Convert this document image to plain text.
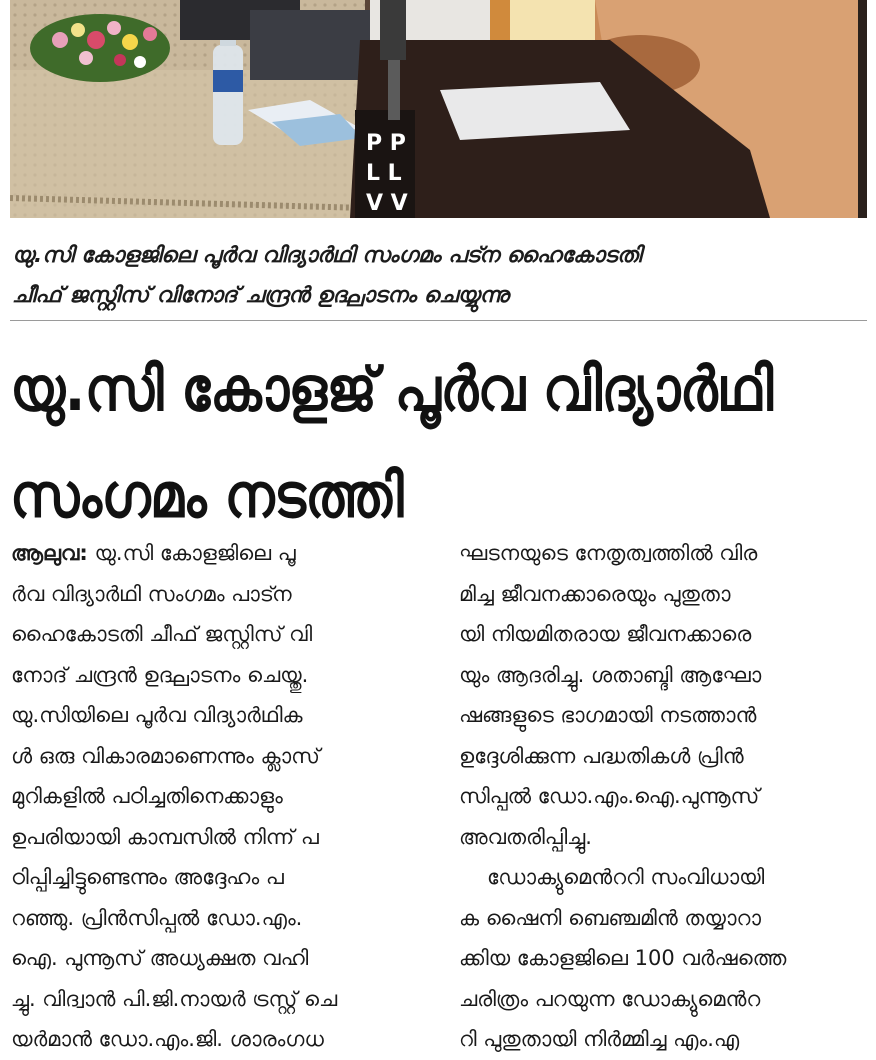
P P
L L
V V
യു.സി കോളജിലെ പൂർവ വിദ്യാർഥി സംഗമം പട്ന ഹൈകോടതി
ചീഫ് ജസ്റ്റിസ് വിനോദ് ചന്ദ്രൻ ഉദ്ഘാടനം ചെയ്യുന്നു
യു.സി കോളജ് പൂർവ വിദ്യാർഥി
സംഗമം നടത്തി
ആലുവ: യു.സി കോളജിലെ പൂ
ർവ വിദ്യാർഥി സംഗമം പാട്ന
ഹൈകോടതി ചീഫ് ജസ്റ്റിസ് വി
നോദ് ചന്ദ്രൻ ഉദ്ഘാടനം ചെയ്തു.
യു.സിയിലെ പൂർവ വിദ്യാർഥിക
ൾ ഒരു വികാരമാണെന്നും ക്ലാസ്
മുറികളിൽ പഠിച്ചതിനെക്കാളും
ഉപരിയായി കാമ്പസിൽ നിന്ന് പ
ഠിപ്പിച്ചിട്ടുണ്ടെന്നും അദ്ദേഹം പ
റഞ്ഞു. പ്രിൻസിപ്പൽ ഡോ.എം.
ഐ. പുന്നൂസ് അധ്യക്ഷത വഹി
ച്ചു. വിദ്വാൻ പി.ജി.നായർ ട്രസ്റ്റ് ചെ
യർമാൻ ഡോ.എം.ജി. ശാരംഗധ
ഘടനയുടെ നേതൃത്വത്തിൽ വിര
മിച്ച ജീവനക്കാരെയും പുതുതാ
യി നിയമിതരായ ജീവനക്കാരെ
യും ആദരിച്ചു. ശതാബ്ദി ആഘോ
ഷങ്ങളുടെ ഭാഗമായി നടത്താൻ
ഉദ്ദേശിക്കുന്ന പദ്ധതികൾ പ്രിൻ
സിപ്പൽ ഡോ.എം.ഐ.പുന്നൂസ്
അവതരിപ്പിച്ചു.
ഡോക്യുമെൻററി സംവിധായി
ക ഷൈനി ബെഞ്ചമിൻ തയ്യാറാ
ക്കിയ കോളജിലെ 100 വർഷത്തെ
ചരിത്രം പറയുന്ന ഡോക്യുമെൻറ
റി പുതുതായി നിർമ്മിച്ച എം.എ
